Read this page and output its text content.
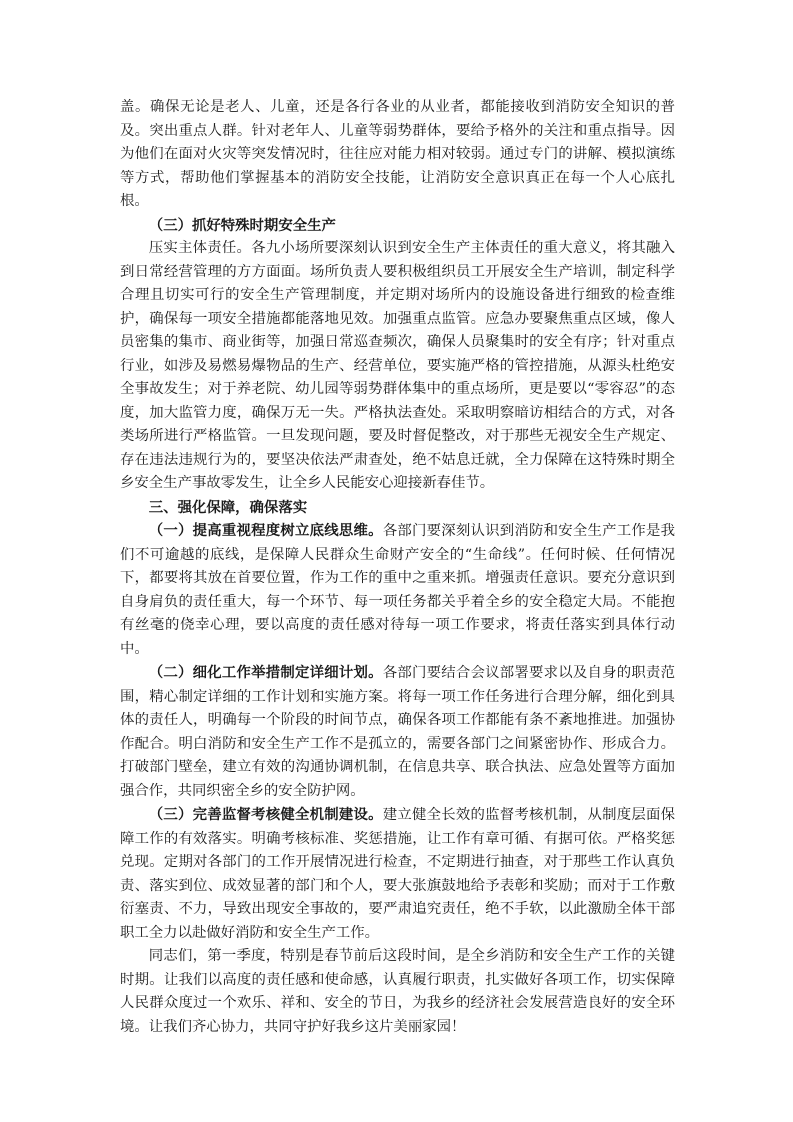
盖。确保无论是老人、儿童，还是各行各业的从业者，都能接收到消防安全知识的普及。突出重点人群。针对老年人、儿童等弱势群体，要给予格外的关注和重点指导。因为他们在面对火灾等突发情况时，往往应对能力相对较弱。通过专门的讲解、模拟演练等方式，帮助他们掌握基本的消防安全技能，让消防安全意识真正在每一个人心底扎根。

（三）抓好特殊时期安全生产

压实主体责任。各九小场所要深刻认识到安全生产主体责任的重大意义，将其融入到日常经营管理的方方面面。场所负责人要积极组织员工开展安全生产培训，制定科学合理且切实可行的安全生产管理制度，并定期对场所内的设施设备进行细致的检查维护，确保每一项安全措施都能落地见效。加强重点监管。应急办要聚焦重点区域，像人员密集的集市、商业街等，加强日常巡查频次，确保人员聚集时的安全有序；针对重点行业，如涉及易燃易爆物品的生产、经营单位，要实施严格的管控措施，从源头杜绝安全事故发生；对于养老院、幼儿园等弱势群体集中的重点场所，更是要以“零容忍”的态度，加大监管力度，确保万无一失。严格执法查处。采取明察暗访相结合的方式，对各类场所进行严格监管。一旦发现问题，要及时督促整改，对于那些无视安全生产规定、存在违法违规行为的，要坚决依法严肃查处，绝不姑息迁就，全力保障在这特殊时期全乡安全生产事故零发生，让全乡人民能安心迎接新春佳节。

三、强化保障，确保落实

（一）提高重视程度树立底线思维。各部门要深刻认识到消防和安全生产工作是我们不可逾越的底线，是保障人民群众生命财产安全的“生命线”。任何时候、任何情况下，都要将其放在首要位置，作为工作的重中之重来抓。增强责任意识。要充分意识到自身肩负的责任重大，每一个环节、每一项任务都关乎着全乡的安全稳定大局。不能抱有丝毫的侥幸心理，要以高度的责任感对待每一项工作要求，将责任落实到具体行动中。

（二）细化工作举措制定详细计划。各部门要结合会议部署要求以及自身的职责范围，精心制定详细的工作计划和实施方案。将每一项工作任务进行合理分解，细化到具体的责任人，明确每一个阶段的时间节点，确保各项工作都能有条不紊地推进。加强协作配合。明白消防和安全生产工作不是孤立的，需要各部门之间紧密协作、形成合力。打破部门壁垒，建立有效的沟通协调机制，在信息共享、联合执法、应急处置等方面加强合作，共同织密全乡的安全防护网。

（三）完善监督考核健全机制建设。建立健全长效的监督考核机制，从制度层面保障工作的有效落实。明确考核标准、奖惩措施，让工作有章可循、有据可依。严格奖惩兑现。定期对各部门的工作开展情况进行检查，不定期进行抽查，对于那些工作认真负责、落实到位、成效显著的部门和个人，要大张旗鼓地给予表彰和奖励；而对于工作敷衍塞责、不力，导致出现安全事故的，要严肃追究责任，绝不手软，以此激励全体干部职工全力以赴做好消防和安全生产工作。

同志们，第一季度，特别是春节前后这段时间，是全乡消防和安全生产工作的关键时期。让我们以高度的责任感和使命感，认真履行职责，扎实做好各项工作，切实保障人民群众度过一个欢乐、祥和、安全的节日，为我乡的经济社会发展营造良好的安全环境。让我们齐心协力，共同守护好我乡这片美丽家园！
